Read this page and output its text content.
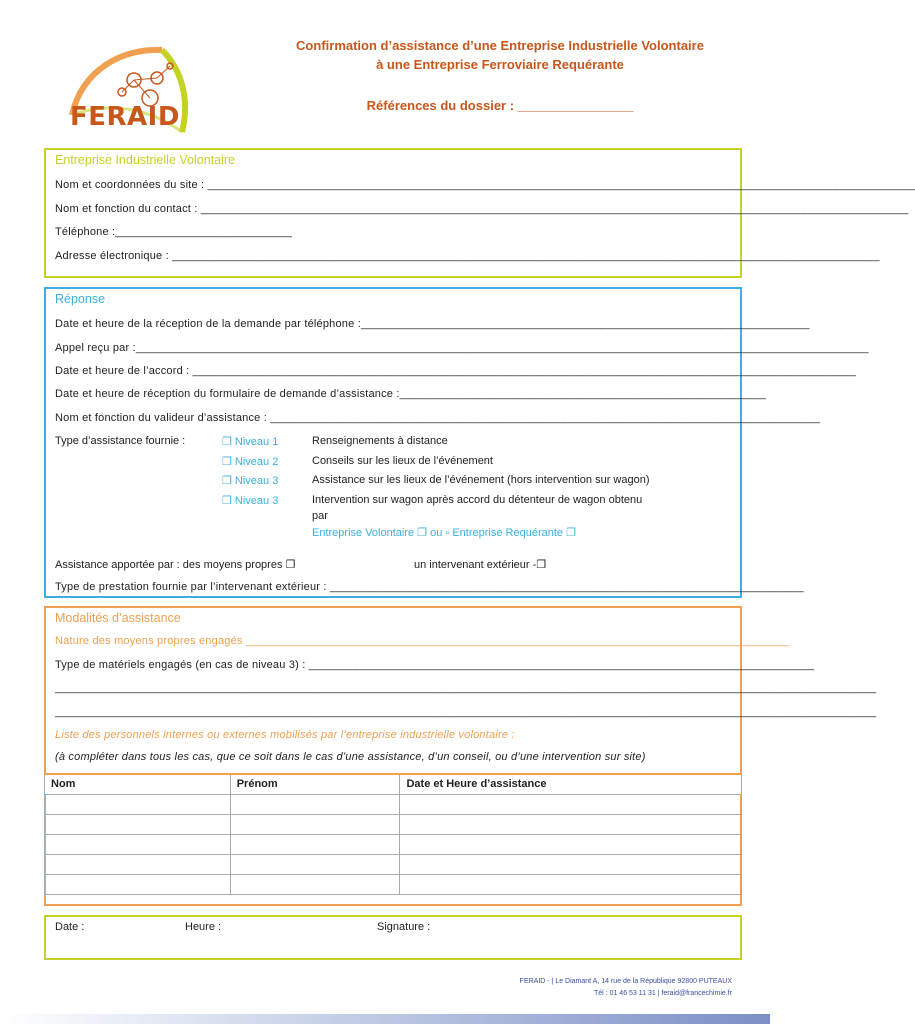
FERAID
Confirmation d’assistance d’une Entreprise Industrielle Volontaire
à une Entreprise Ferroviaire Requérante
Références du dossier : ________________
Entreprise Industrielle Volontaire
Nom et coordonnées du site : ________________________________________________________________________________________________________________
Nom et fonction du contact : ________________________________________________________________________________________________________________
Téléphone :____________________________
Adresse électronique : ________________________________________________________________________________________________________________
Réponse
Date et heure de la réception de la demande par téléphone :_______________________________________________________________________
Appel reçu par :____________________________________________________________________________________________________________________
Date et heure de l’accord : _________________________________________________________________________________________________________
Date et heure de réception du formulaire de demande d’assistance :__________________________________________________________
Nom et fonction du valideur d’assistance : _______________________________________________________________________________________
Type d’assistance fournie :	❐ Niveau 1	Renseignements à distance
❐ Niveau 2	Conseils sur les lieux de l’événement
❐ Niveau 3	Assistance sur les lieux de l’événement (hors intervention sur wagon)
❐ Niveau 3	Intervention sur wagon après accord du détenteur de wagon obtenu
par
Entreprise Volontaire ❐ ou ▫ Entreprise Requérante ❐
Assistance apportée par : des moyens propres ❐	un intervenant extérieur -❐
Type de prestation fournie par l’intervenant extérieur : ___________________________________________________________________________
Modalités d’assistance
Nature des moyens propres engagés ______________________________________________________________________________________
Type de matériels engagés (en cas de niveau 3) : ________________________________________________________________________________
__________________________________________________________________________________________________________________________________
__________________________________________________________________________________________________________________________________
Liste des personnels internes ou externes mobilisés par l’entreprise industrielle volontaire :
(à compléter dans tous les cas, que ce soit dans le cas d’une assistance, d’un conseil, ou d’une intervention sur site)
Nom	Prénom	Date et Heure d’assistance

Date :	Heure :	Signature :
FERAID - | Le Diamant A, 14 rue de la République 92800 PUTEAUX
Tél : 01 46 53 11 31 | feraid@francechimie.fr
